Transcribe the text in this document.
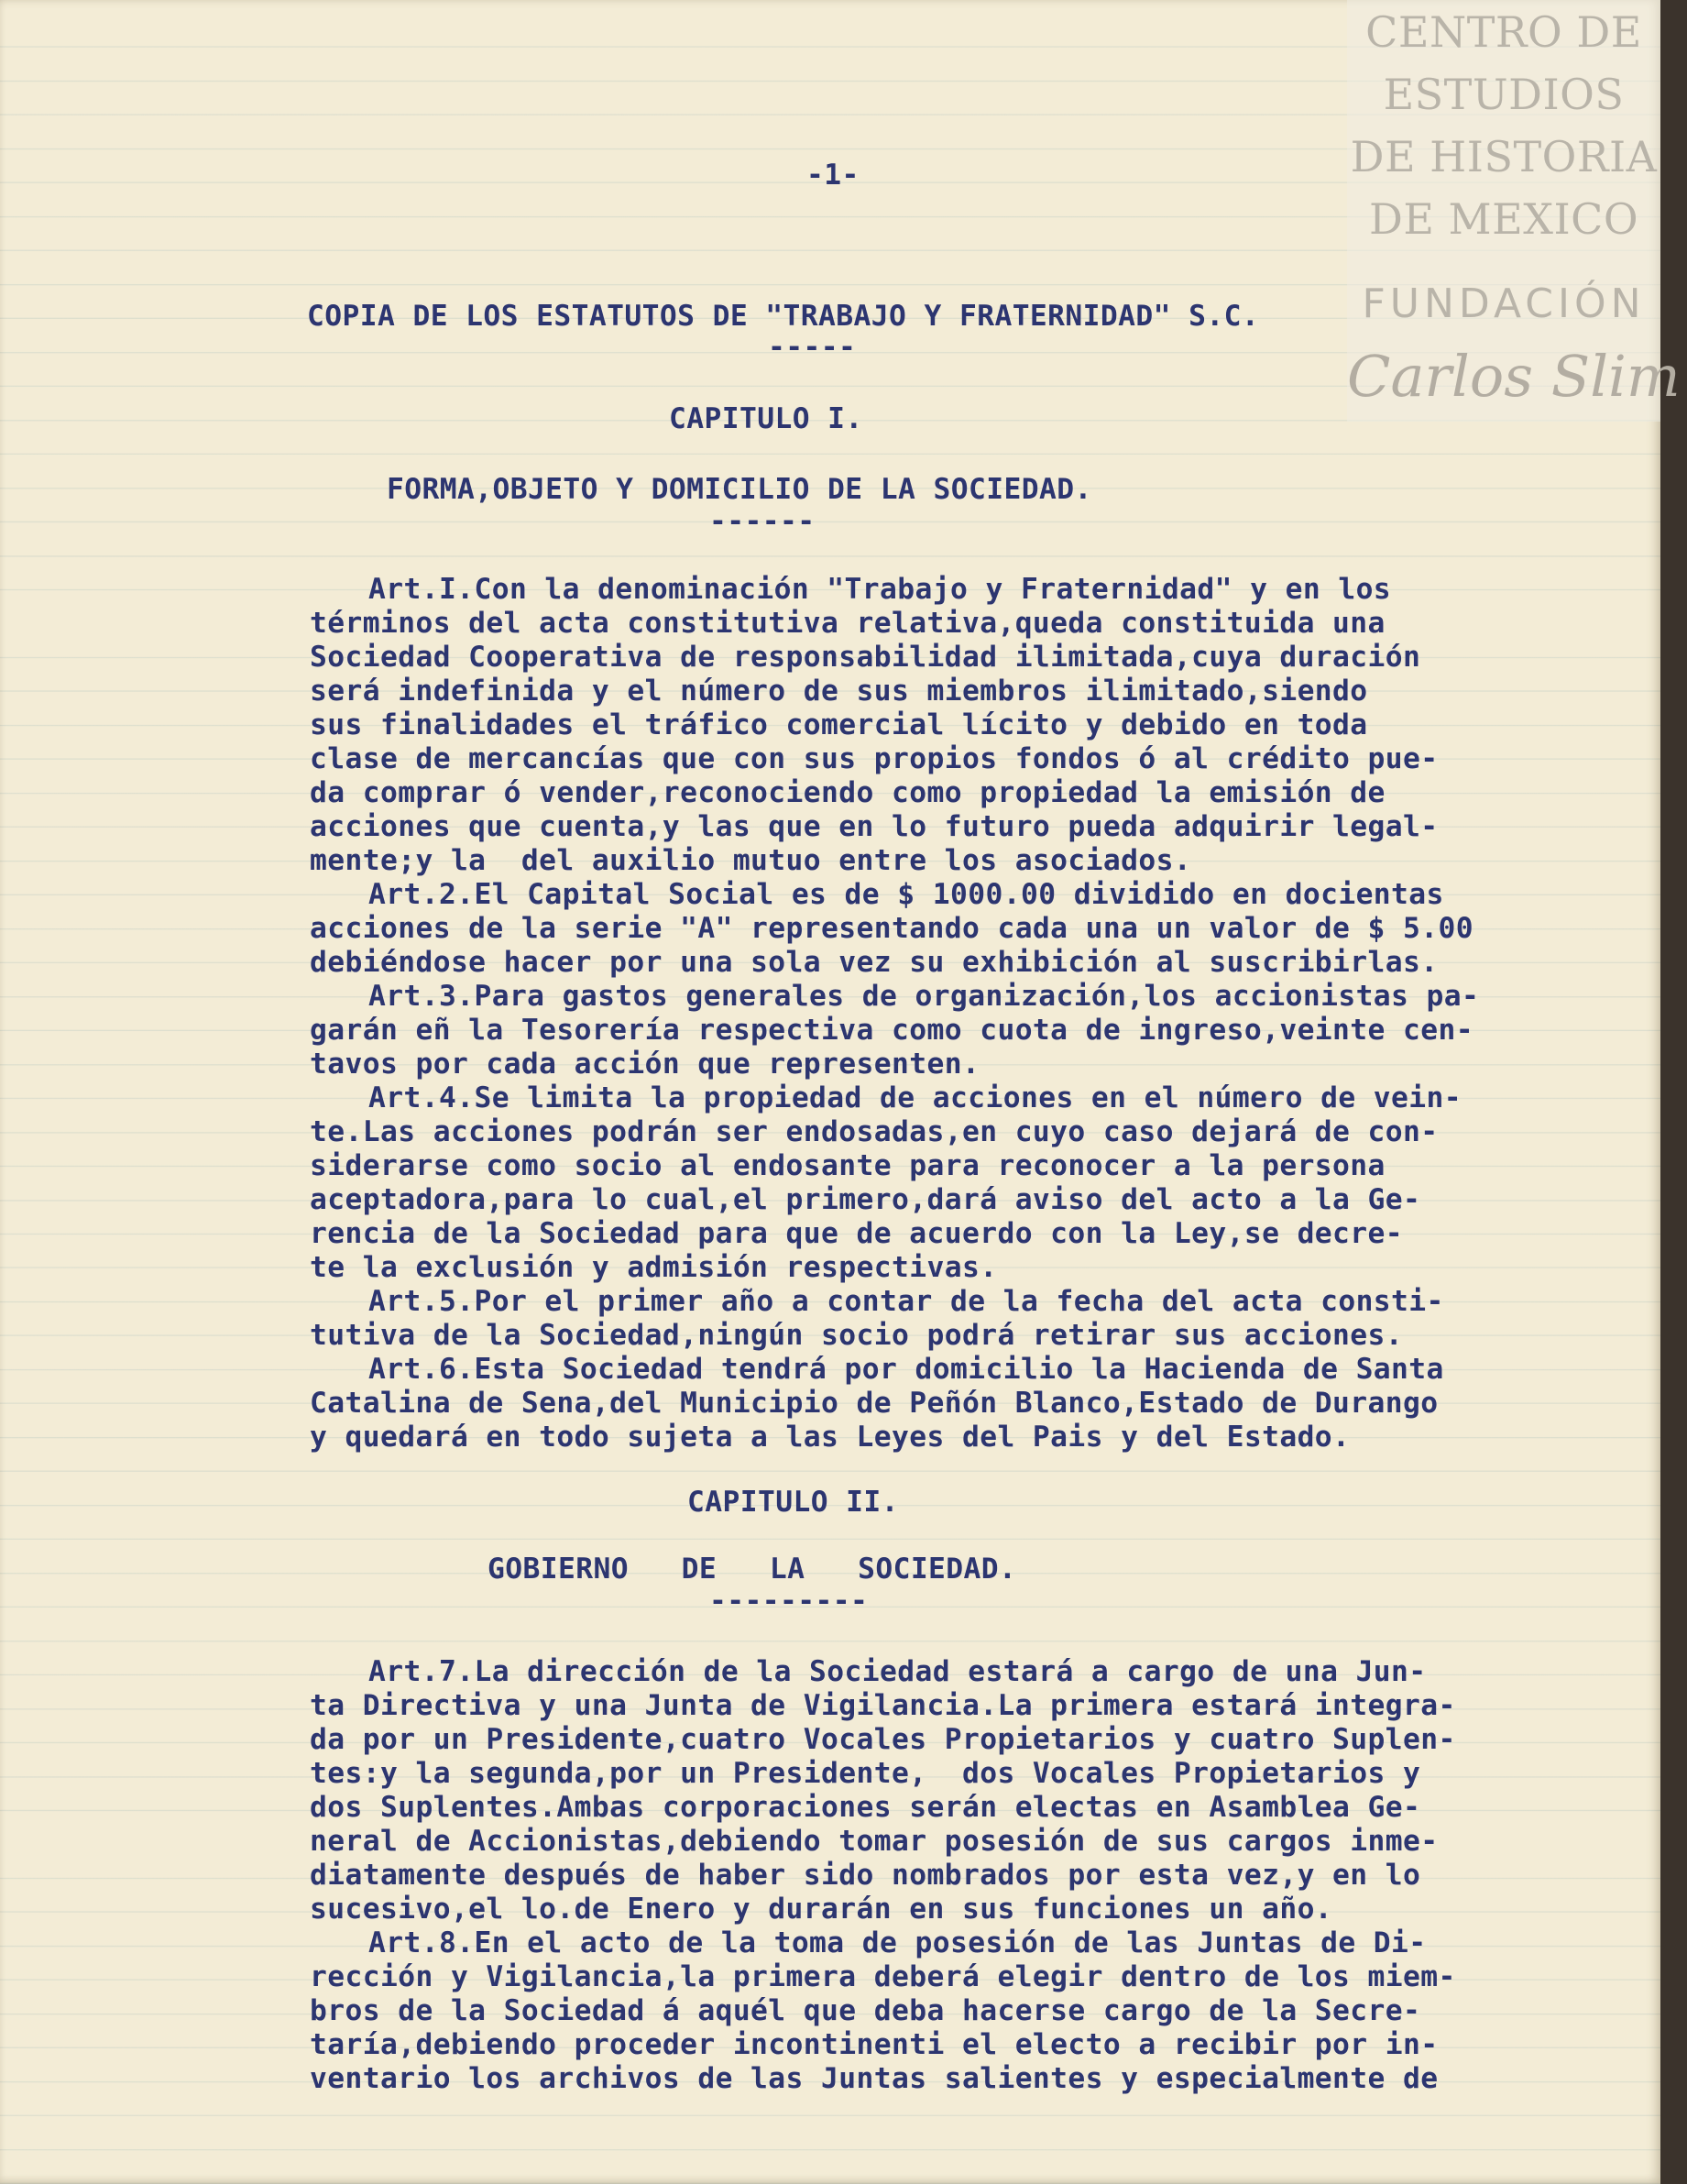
-1-
COPIA DE LOS ESTATUTOS DE "TRABAJO Y FRATERNIDAD" S.C.
-----
CAPITULO I.
FORMA,OBJETO Y DOMICILIO DE LA SOCIEDAD.
------
Art.I.Con la denominación "Trabajo y Fraternidad" y en los
términos del acta constitutiva relativa,queda constituida una
Sociedad Cooperativa de responsabilidad ilimitada,cuya duración
será indefinida y el número de sus miembros ilimitado,siendo
sus finalidades el tráfico comercial lícito y debido en toda
clase de mercancías que con sus propios fondos ó al crédito pue-
da comprar ó vender,reconociendo como propiedad la emisión de
acciones que cuenta,y las que en lo futuro pueda adquirir legal-
mente;y la  del auxilio mutuo entre los asociados.
Art.2.El Capital Social es de $ 1000.00 dividido en docientas
acciones de la serie "A" representando cada una un valor de $ 5.00
debiéndose hacer por una sola vez su exhibición al suscribirlas.
Art.3.Para gastos generales de organización,los accionistas pa-
garán eñ la Tesorería respectiva como cuota de ingreso,veinte cen-
tavos por cada acción que representen.
Art.4.Se limita la propiedad de acciones en el número de vein-
te.Las acciones podrán ser endosadas,en cuyo caso dejará de con-
siderarse como socio al endosante para reconocer a la persona
aceptadora,para lo cual,el primero,dará aviso del acto a la Ge-
rencia de la Sociedad para que de acuerdo con la Ley,se decre-
te la exclusión y admisión respectivas.
Art.5.Por el primer año a contar de la fecha del acta consti-
tutiva de la Sociedad,ningún socio podrá retirar sus acciones.
Art.6.Esta Sociedad tendrá por domicilio la Hacienda de Santa
Catalina de Sena,del Municipio de Peñón Blanco,Estado de Durango
y quedará en todo sujeta a las Leyes del Pais y del Estado.
CAPITULO II.
GOBIERNO   DE   LA   SOCIEDAD.
---------
Art.7.La dirección de la Sociedad estará a cargo de una Jun-
ta Directiva y una Junta de Vigilancia.La primera estará integra-
da por un Presidente,cuatro Vocales Propietarios y cuatro Suplen-
tes:y la segunda,por un Presidente,  dos Vocales Propietarios y
dos Suplentes.Ambas corporaciones serán electas en Asamblea Ge-
neral de Accionistas,debiendo tomar posesión de sus cargos inme-
diatamente después de haber sido nombrados por esta vez,y en lo
sucesivo,el lo.de Enero y durarán en sus funciones un año.
Art.8.En el acto de la toma de posesión de las Juntas de Di-
rección y Vigilancia,la primera deberá elegir dentro de los miem-
bros de la Sociedad á aquél que deba hacerse cargo de la Secre-
taría,debiendo proceder incontinenti el electo a recibir por in-
ventario los archivos de las Juntas salientes y especialmente de
CENTRO DE
ESTUDIOS
DE HISTORIA
DE MEXICO
FUNDACIÓN
Carlos Slim
